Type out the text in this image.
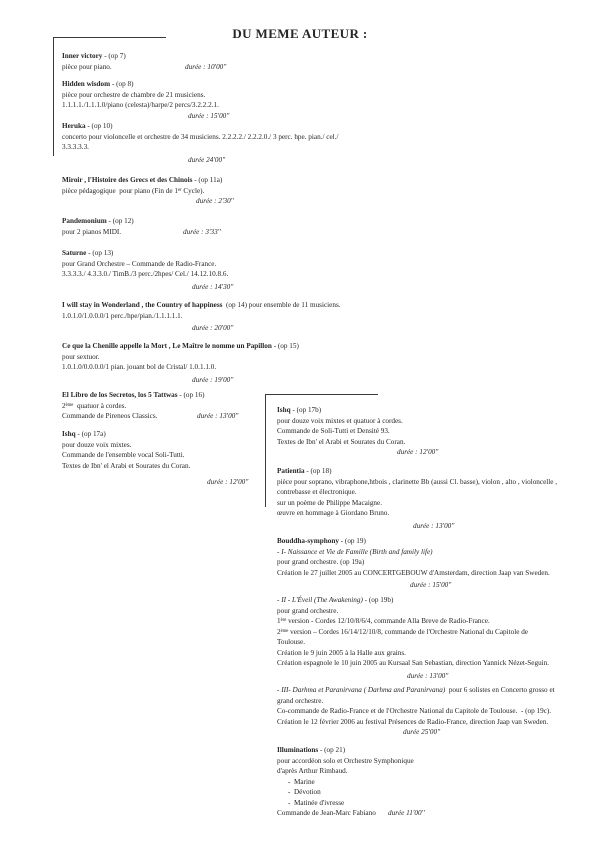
DU MEME AUTEUR :
Inner victory - (op 7)
pièce pour piano.	durée : 10'00''
Hidden wisdom - (op 8)
pièce pour orchestre de chambre de 21 musiciens.
1.1.1.1./1.1.1.0/piano (celesta)/harpe/2 percs/3.2.2.2.1.
durée : 15'00''
Heruka - (op 10)
concerto pour violoncelle et orchestre de 34 musiciens. 2.2.2.2./ 2.2.2.0./ 3 perc. hpe. pian./ cel./
3.3.3.3.3.
durée 24'00''
Miroir , l'Histoire des Grecs et des Chinois - (op 11a)
pièce pédagogique  pour piano (Fin de 1er Cycle).
durée : 2'30''
Pandemonium - (op 12)
pour 2 pianos MIDI.	durée : 3'33''
Saturne - (op 13)
pour Grand Orchestre – Commande de Radio-France.
3.3.3.3./ 4.3.3.0./ TimB./3 perc./2hpes/ Cel./ 14.12.10.8.6.
durée : 14'30''
I will stay in Wonderland , the Country of happiness  (op 14) pour ensemble de 11 musiciens.
1.0.1.0/1.0.0.0/1 perc./hpe/pian./1.1.1.1.1.
durée : 20'00''
Ce que la Chenille appelle la Mort , Le Maître le nomme un Papillon - (op 15)
pour sextuor.
1.0.1.0/0.0.0.0/1 pian. jouant bol de Cristal/ 1.0.1.1.0.
durée : 19'00''
El Libro de los Secretos, los 5 Tattwas - (op 16)
2ème  quatuor à cordes.
Commande de Pireneos Classics.	durée : 13'00''
Ishq - (op 17a)
pour douze voix mixtes.
Commande de l'ensemble vocal Soli-Tutti.
Textes de Ibn' el Arabi et Sourates du Coran.
durée : 12'00''
Ishq - (op 17b)
pour douze voix mixtes et quatuor à cordes.
Commande de Soli-Tutti et Densité 93.
Textes de Ibn' el Arabi et Sourates du Coran.
durée : 12'00''
Patientia - (op 18)
pièce pour soprano, vibraphone,htbois , clarinette Bb (aussi Cl. basse), violon , alto , violoncelle ,
contrebasse et électronique.
sur un poème de Philippe Macaigne.
œuvre en hommage à Giordano Bruno.
durée : 13'00''
Bouddha-symphony - (op 19)
- I- Naissance et Vie de Famille (Birth and family life)
pour grand orchestre. (op 19a)
Création le 27 juillet 2005 au CONCERTGEBOUW d'Amsterdam, direction Jaap van Sweden.
durée : 15'00''
- II - L'Éveil (The Awakening) - (op 19b)
pour grand orchestre.
1ère version - Cordes 12/10/8/6/4, commande Alla Breve de Radio-France.
2ème version – Cordes 16/14/12/10/8, commande de l'Orchestre National du Capitole de
Toulouse.
Création le 9 juin 2005 à la Halle aux grains.
Création espagnole le 10 juin 2005 au Kursaal San Sebastian, direction Yannick Nézet-Seguin.
durée : 13'00''
- III- Darhma et Paranirvana ( Darhma and Paranirvana)  pour 6 solistes en Concerto grosso et
grand orchestre.
Co-commande de Radio-France et de l'Orchestre National du Capitole de Toulouse.  - (op 19c).
Création le 12 février 2006 au festival Présences de Radio-France, direction Jaap van Sweden.
durée 25'00''
Illuminations - (op 21)
pour accordéon solo et Orchestre Symphonique
d'après Arthur Rimbaud.
-  Marine
-  Dévotion
-  Matinée d'ivresse
Commande de Jean-Marc Fabiano durée 11'00''
